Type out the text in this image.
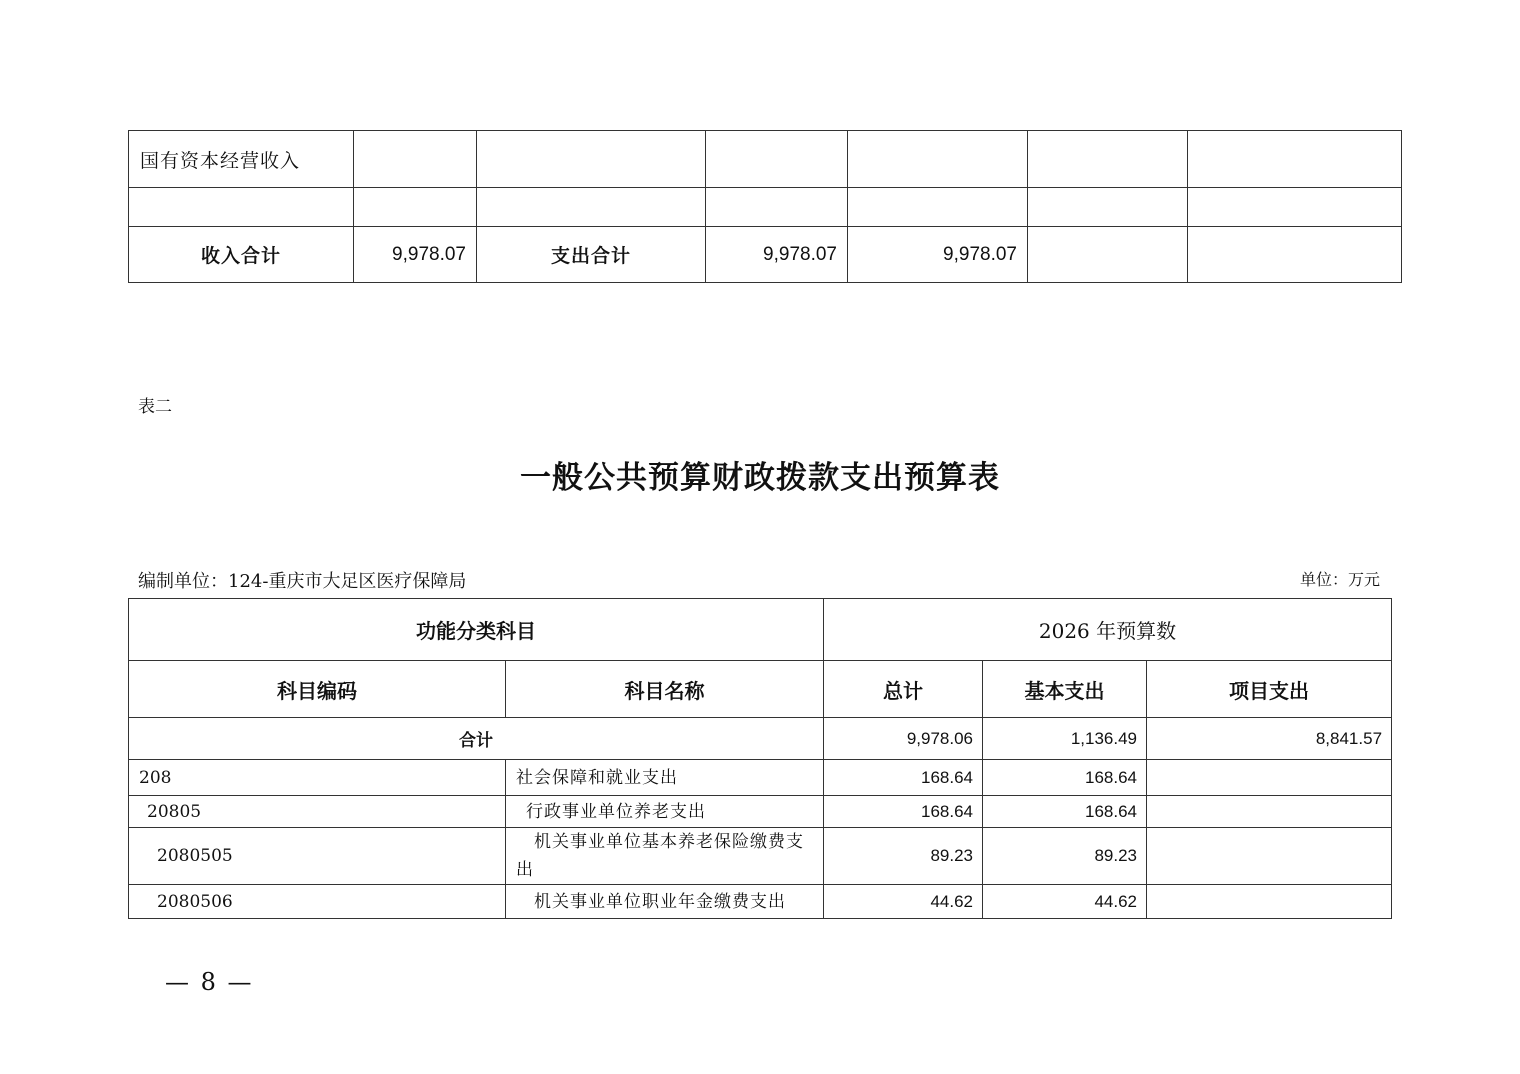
国有资本经营收入						

收入合计	9,978.07	支出合计	9,978.07	9,978.07		
表二
一般公共预算财政拨款支出预算表
编制单位：124-重庆市大足区医疗保障局	单位：万元
功能分类科目		2026 年预算数		
科目编码	科目名称	总计	基本支出	项目支出
合计		9,978.06	1,136.49	8,841.57
208	社会保障和就业支出	168.64	168.64	
20805	行政事业单位养老支出	168.64	168.64	
2080505	机关事业单位基本养老保险缴费支出	89.23	89.23	
2080506	机关事业单位职业年金缴费支出	44.62	44.62	
— 8 —
